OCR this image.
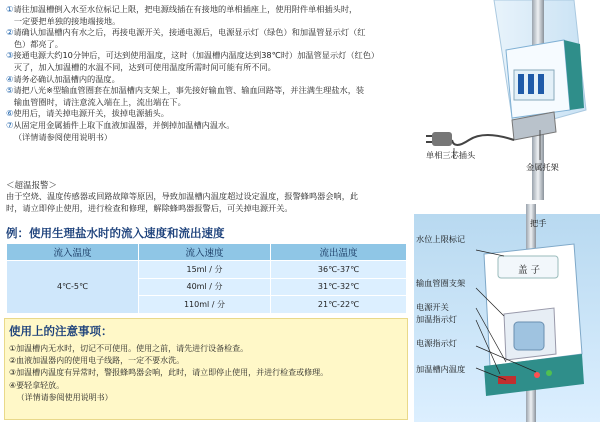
①请往加温槽倒入水至水位标记上限，把电源线插在有接地的单相插座上，使用附件单相插头时，
一定要把单独的接地端接地。

②请确认加温槽内有水之后，再接电源开关，接通电源后，电源显示灯（绿色）和加温管显示灯（红
色）都亮了。

③接通电源大约10分钟后，可达到使用温度，这时（加温槽内温度达到38℃时）加温管显示灯（红色）
灭了，加入加温槽的水温不同，达到可使用温度所需时间可能有所不同。

④请务必确认加温槽内的温度。

⑤请把八光※型输血管圈套在加温槽内支架上，事先接好输血管、输血回路等，并注满生理盐水，装
输血管圈时，请注意流入端在上，流出端在下。

⑥使用后，请关掉电源开关，拔掉电源插头。

⑦从固定用金属插件上取下血液加温器，并倒掉加温槽内温水。

（详情请参阅使用说明书）

＜超温报警＞
由于空烧、温度传感器或回路故障等原因，导致加温槽内温度超过设定温度，报警蜂鸣器会响，此
时，请立即停止使用，进行检查和修理，解除蜂鸣器报警后，可关掉电源开关。
例：使用生理盐水时的流入速度和流出速度
流入温度	流入速度	流出温度
4℃-5℃	15ml / 分	36℃-37℃
	40ml / 分	31℃-32℃
	110ml / 分	21℃-22℃
使用上的注意事项：

①加温槽内无水时，切记不可使用。使用之前，请先进行设备检查。

②血液加温器内的使用电子线路，一定不要水洗。

③加温槽内温度有异常时，警报蜂鸣器会响，此时，请立即停止使用，并进行检查或修理。

④要轻拿轻放。

（详情请参阅使用说明书）

单相三芯插头
金属托架
把手
水位上限标记
盖 子
输血管圈支架
电源开关
加温指示灯
电源指示灯
加温槽内温度
